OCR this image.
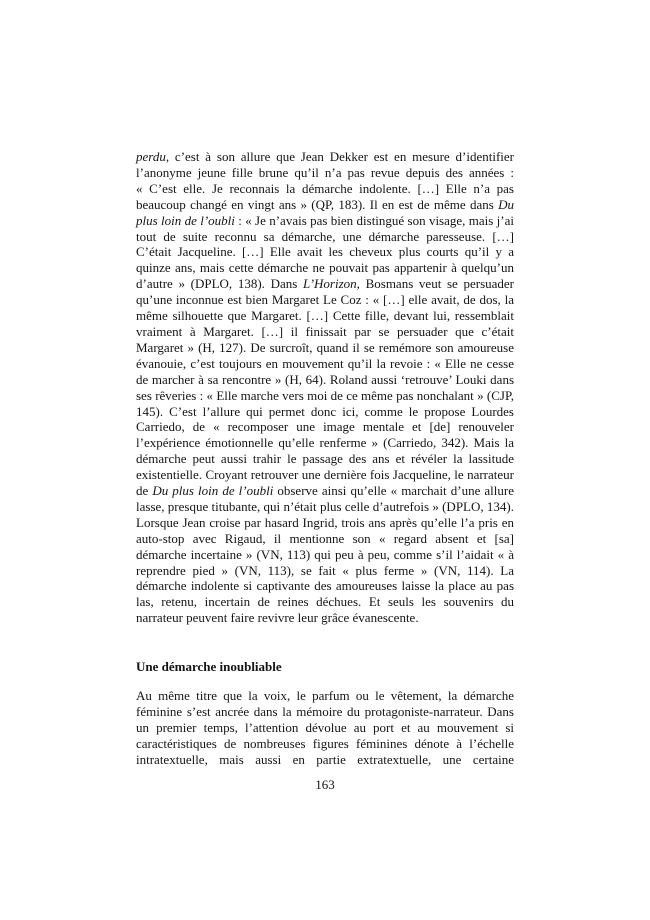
perdu, c’est à son allure que Jean Dekker est en mesure d’identifier l’anonyme jeune fille brune qu’il n’a pas revue depuis des années : « C’est elle. Je reconnais la démarche indolente. […] Elle n’a pas beaucoup changé en vingt ans » (QP, 183). Il en est de même dans Du plus loin de l’oubli : « Je n’avais pas bien distingué son visage, mais j’ai tout de suite reconnu sa démarche, une démarche paresseuse. […] C’était Jacqueline. […] Elle avait les cheveux plus courts qu’il y a quinze ans, mais cette démarche ne pouvait pas appartenir à quelqu’un d’autre » (DPLO, 138). Dans L’Horizon, Bosmans veut se persuader qu’une inconnue est bien Margaret Le Coz : « […] elle avait, de dos, la même silhouette que Margaret. […] Cette fille, devant lui, ressemblait vraiment à Margaret. […] il finissait par se persuader que c’était Margaret » (H, 127). De surcroît, quand il se remémore son amoureuse évanouie, c’est toujours en mouvement qu’il la revoie : « Elle ne cesse de marcher à sa rencontre » (H, 64). Roland aussi ‘retrouve’ Louki dans ses rêveries : « Elle marche vers moi de ce même pas nonchalant » (CJP, 145). C’est l’allure qui permet donc ici, comme le propose Lourdes Carriedo, de « recomposer une image mentale et [de] renouveler l’expérience émotionnelle qu’elle renferme » (Carriedo, 342). Mais la démarche peut aussi trahir le passage des ans et révéler la lassitude existentielle. Croyant retrouver une dernière fois Jacqueline, le narrateur de Du plus loin de l’oubli observe ainsi qu’elle « marchait d’une allure lasse, presque titubante, qui n’était plus celle d’autrefois » (DPLO, 134). Lorsque Jean croise par hasard Ingrid, trois ans après qu’elle l’a pris en auto-stop avec Rigaud, il mentionne son « regard absent et [sa] démarche incertaine » (VN, 113) qui peu à peu, comme s’il l’aidait « à reprendre pied » (VN, 113), se fait « plus ferme » (VN, 114). La démarche indolente si captivante des amoureuses laisse la place au pas las, retenu, incertain de reines déchues. Et seuls les souvenirs du narrateur peuvent faire revivre leur grâce évanescente.

Une démarche inoubliable

Au même titre que la voix, le parfum ou le vêtement, la démarche féminine s’est ancrée dans la mémoire du protagoniste-narrateur. Dans un premier temps, l’attention dévolue au port et au mouvement si caractéristiques de nombreuses figures féminines dénote à l’échelle intratextuelle, mais aussi en partie extratextuelle, une certaine

163
